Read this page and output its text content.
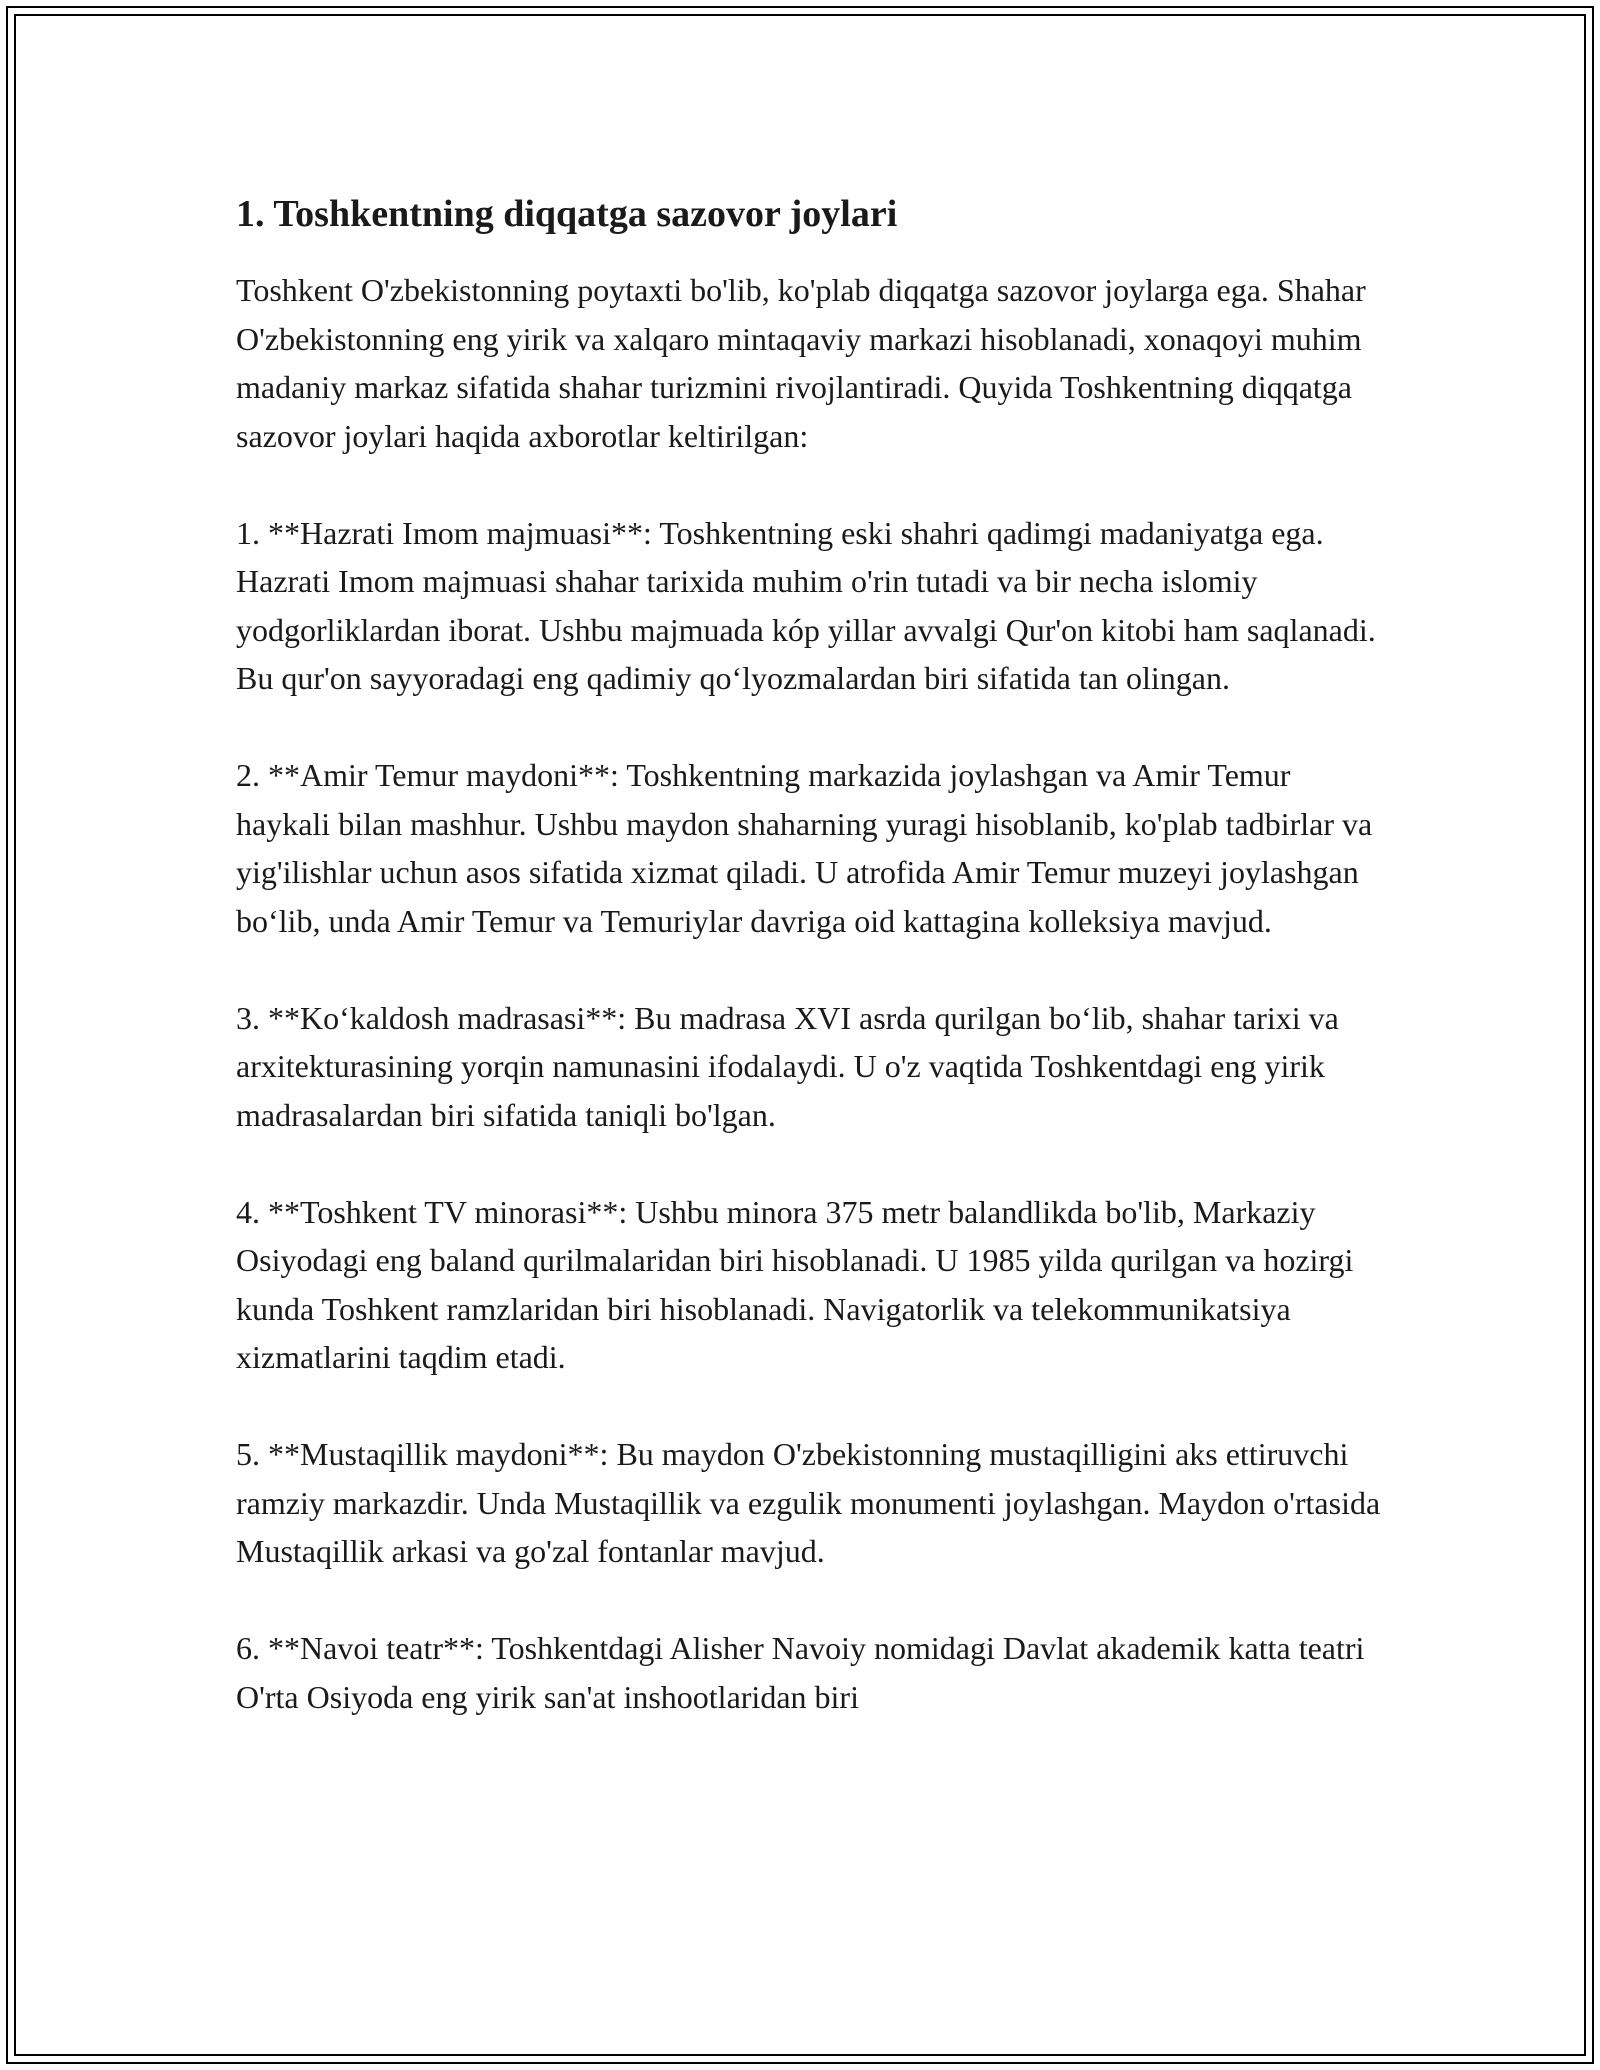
1. Toshkentning diqqatga sazovor joylari

Toshkent O'zbekistonning poytaxti bo'lib, ko'plab diqqatga sazovor joylarga ega. Shahar O'zbekistonning eng yirik va xalqaro mintaqaviy markazi hisoblanadi, xonaqoyi muhim madaniy markaz sifatida shahar turizmini rivojlantiradi. Quyida Toshkentning diqqatga sazovor joylari haqida axborotlar keltirilgan:

1. **Hazrati Imom majmuasi**: Toshkentning eski shahri qadimgi madaniyatga ega. Hazrati Imom majmuasi shahar tarixida muhim o'rin tutadi va bir necha islomiy yodgorliklardan iborat. Ushbu majmuada kóp yillar avvalgi Qur'on kitobi ham saqlanadi. Bu qur'on sayyoradagi eng qadimiy qo‘lyozmalardan biri sifatida tan olingan.

2. **Amir Temur maydoni**: Toshkentning markazida joylashgan va Amir Temur haykali bilan mashhur. Ushbu maydon shaharning yuragi hisoblanib, ko'plab tadbirlar va yig'ilishlar uchun asos sifatida xizmat qiladi. U atrofida Amir Temur muzeyi joylashgan bo‘lib, unda Amir Temur va Temuriylar davriga oid kattagina kolleksiya mavjud.

3. **Ko‘kaldosh madrasasi**: Bu madrasa XVI asrda qurilgan bo‘lib, shahar tarixi va arxitekturasining yorqin namunasini ifodalaydi. U o'z vaqtida Toshkentdagi eng yirik madrasalardan biri sifatida taniqli bo'lgan.

4. **Toshkent TV minorasi**: Ushbu minora 375 metr balandlikda bo'lib, Markaziy Osiyodagi eng baland qurilmalaridan biri hisoblanadi. U 1985 yilda qurilgan va hozirgi kunda Toshkent ramzlaridan biri hisoblanadi. Navigatorlik va telekommunikatsiya xizmatlarini taqdim etadi.

5. **Mustaqillik maydoni**: Bu maydon O'zbekistonning mustaqilligini aks ettiruvchi ramziy markazdir. Unda Mustaqillik va ezgulik monumenti joylashgan. Maydon o'rtasida Mustaqillik arkasi va go'zal fontanlar mavjud.

6. **Navoi teatr**: Toshkentdagi Alisher Navoiy nomidagi Davlat akademik katta teatri O'rta Osiyoda eng yirik san'at inshootlaridan biri
